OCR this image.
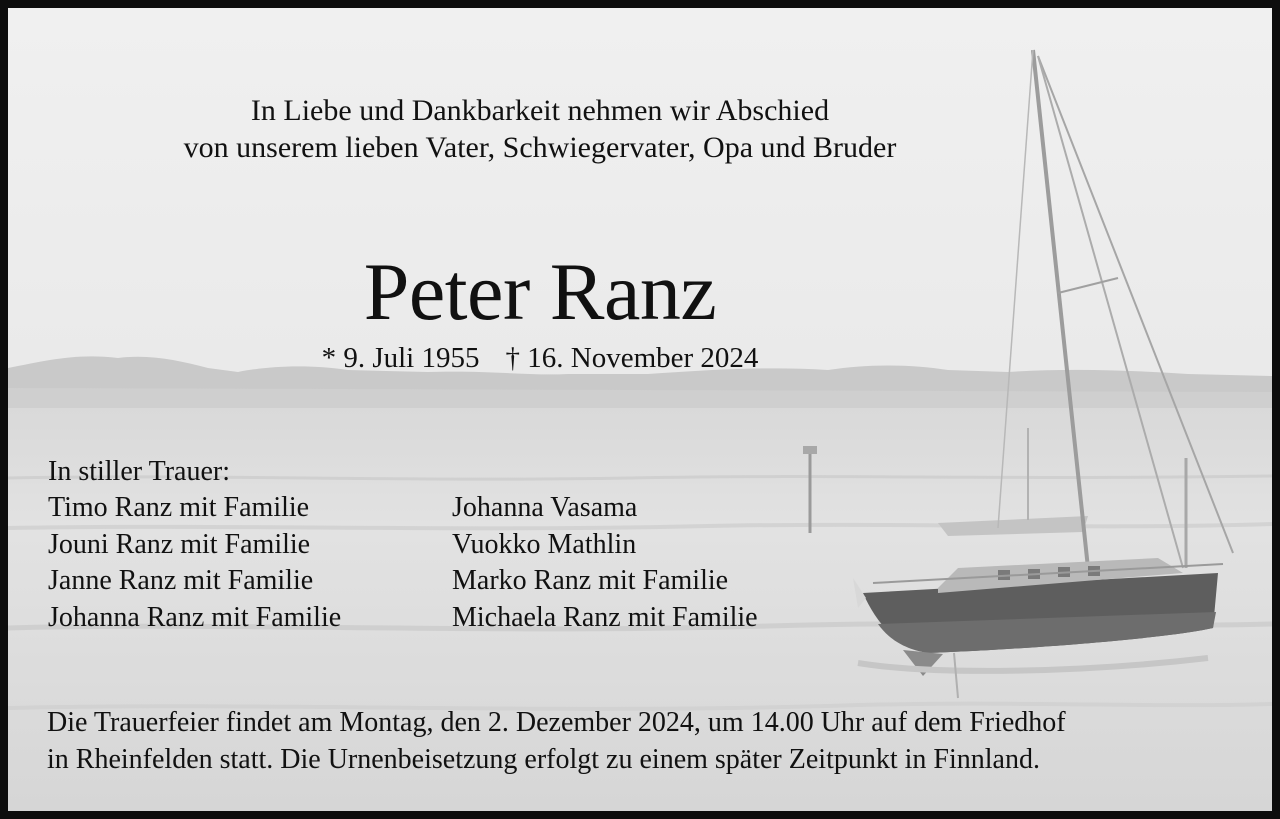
In Liebe und Dankbarkeit nehmen wir Abschied
von unserem lieben Vater, Schwiegervater, Opa und Bruder

Peter Ranz

* 9. Juli 1955 † 16. November 2024

In stiller Trauer:

Timo Ranz mit Familie
Jouni Ranz mit Familie
Janne Ranz mit Familie
Johanna Ranz mit Familie
Johanna Vasama
Vuokko Mathlin
Marko Ranz mit Familie
Michaela Ranz mit Familie

Die Trauerfeier findet am Montag, den 2. Dezember 2024, um 14.00 Uhr auf dem Friedhof
in Rheinfelden statt. Die Urnenbeisetzung erfolgt zu einem später Zeitpunkt in Finnland.
